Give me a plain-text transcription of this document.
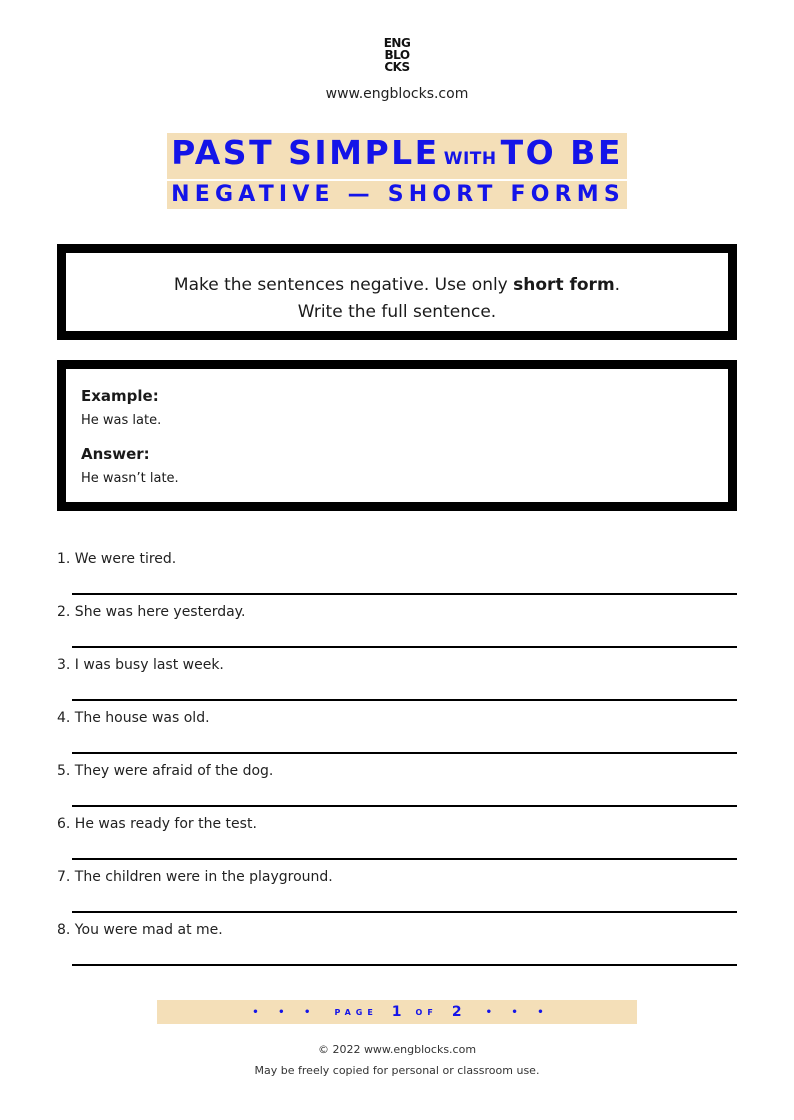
ENG
BLO
CKS
www.engblocks.com
PAST SIMPLE WITH TO BE
NEGATIVE — SHORT FORMS
Make the sentences negative. Use only short form.
Write the full sentence.
Example:
He was late.
Answer:
He wasn’t late.
1. We were tired.
2. She was here yesterday.
3. I was busy last week.
4. The house was old.
5. They were afraid of the dog.
6. He was ready for the test.
7. The children were in the playground.
8. You were mad at me.
• • • PAGE 1 OF 2 • • •
© 2022 www.engblocks.com
May be freely copied for personal or classroom use.
